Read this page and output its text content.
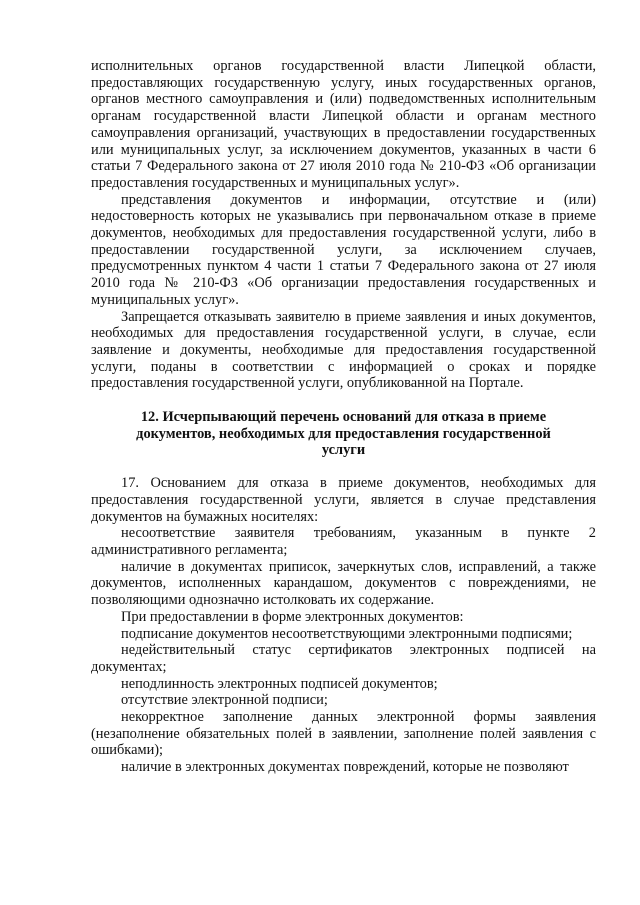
исполнительных органов государственной власти Липецкой области, предоставляющих государственную услугу, иных государственных органов, органов местного самоуправления и (или) подведомственных исполнительным органам государственной власти Липецкой области и органам местного самоуправления организаций, участвующих в предоставлении государственных или муниципальных услуг, за исключением документов, указанных в части 6 статьи 7 Федерального закона от 27 июля 2010 года № 210-ФЗ «Об организации предоставления государственных и муниципальных услуг».

представления документов и информации, отсутствие и (или) недостоверность которых не указывались при первоначальном отказе в приеме документов, необходимых для предоставления государственной услуги, либо в предоставлении государственной услуги, за исключением случаев, предусмотренных пунктом 4 части 1 статьи 7 Федерального закона от 27 июля 2010 года № 210-ФЗ «Об организации предоставления государственных и муниципальных услуг».

Запрещается отказывать заявителю в приеме заявления и иных документов, необходимых для предоставления государственной услуги, в случае, если заявление и документы, необходимые для предоставления государственной услуги, поданы в соответствии с информацией о сроках и порядке предоставления государственной услуги, опубликованной на Портале.

12. Исчерпывающий перечень оснований для отказа в приеме документов, необходимых для предоставления государственной услуги

17. Основанием для отказа в приеме документов, необходимых для предоставления государственной услуги, является в случае представления документов на бумажных носителях:

несоответствие заявителя требованиям, указанным в пункте 2 административного регламента;

наличие в документах приписок, зачеркнутых слов, исправлений, а также документов, исполненных карандашом, документов с повреждениями, не позволяющими однозначно истолковать их содержание.

При предоставлении в форме электронных документов:

подписание документов несоответствующими электронными подписями;

недействительный статус сертификатов электронных подписей на документах;

неподлинность электронных подписей документов;

отсутствие электронной подписи;

некорректное заполнение данных электронной формы заявления (незаполнение обязательных полей в заявлении, заполнение полей заявления с ошибками);

наличие в электронных документах повреждений, которые не позволяют
